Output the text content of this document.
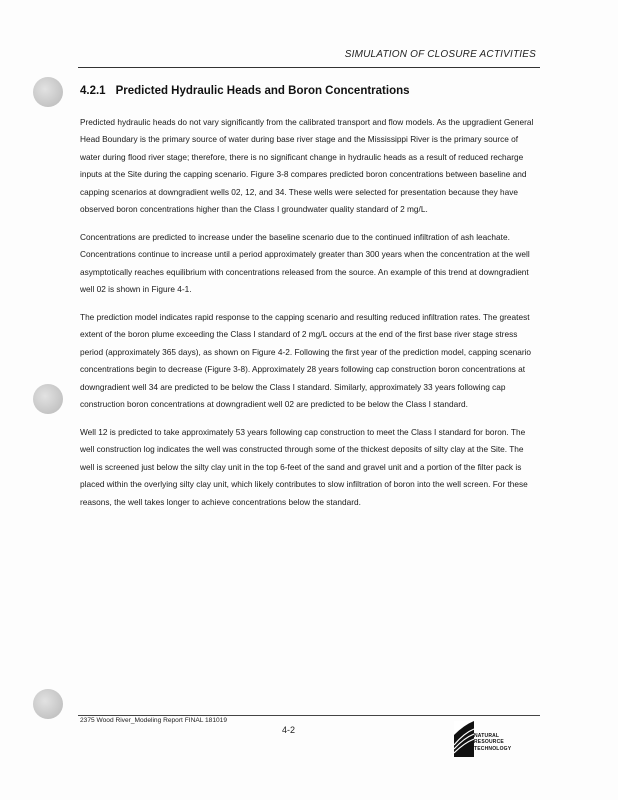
SIMULATION OF CLOSURE ACTIVITIES
4.2.1 Predicted Hydraulic Heads and Boron Concentrations

Predicted hydraulic heads do not vary significantly from the calibrated transport and flow models. As the upgradient General Head Boundary is the primary source of water during base river stage and the Mississippi River is the primary source of water during flood river stage; therefore, there is no significant change in hydraulic heads as a result of reduced recharge inputs at the Site during the capping scenario. Figure 3-8 compares predicted boron concentrations between baseline and capping scenarios at downgradient wells 02, 12, and 34. These wells were selected for presentation because they have observed boron concentrations higher than the Class I groundwater quality standard of 2 mg/L.

Concentrations are predicted to increase under the baseline scenario due to the continued infiltration of ash leachate. Concentrations continue to increase until a period approximately greater than 300 years when the concentration at the well asymptotically reaches equilibrium with concentrations released from the source. An example of this trend at downgradient well 02 is shown in Figure 4-1.

The prediction model indicates rapid response to the capping scenario and resulting reduced infiltration rates. The greatest extent of the boron plume exceeding the Class I standard of 2 mg/L occurs at the end of the first base river stage stress period (approximately 365 days), as shown on Figure 4-2. Following the first year of the prediction model, capping scenario concentrations begin to decrease (Figure 3-8). Approximately 28 years following cap construction boron concentrations at downgradient well 34 are predicted to be below the Class I standard. Similarly, approximately 33 years following cap construction boron concentrations at downgradient well 02 are predicted to be below the Class I standard.

Well 12 is predicted to take approximately 53 years following cap construction to meet the Class I standard for boron. The well construction log indicates the well was constructed through some of the thickest deposits of silty clay at the Site. The well is screened just below the silty clay unit in the top 6-feet of the sand and gravel unit and a portion of the filter pack is placed within the overlying silty clay unit, which likely contributes to slow infiltration of boron into the well screen. For these reasons, the well takes longer to achieve concentrations below the standard.

2375 Wood River_Modeling Report FINAL 181019
4-2
NATURAL
RESOURCE
TECHNOLOGY
